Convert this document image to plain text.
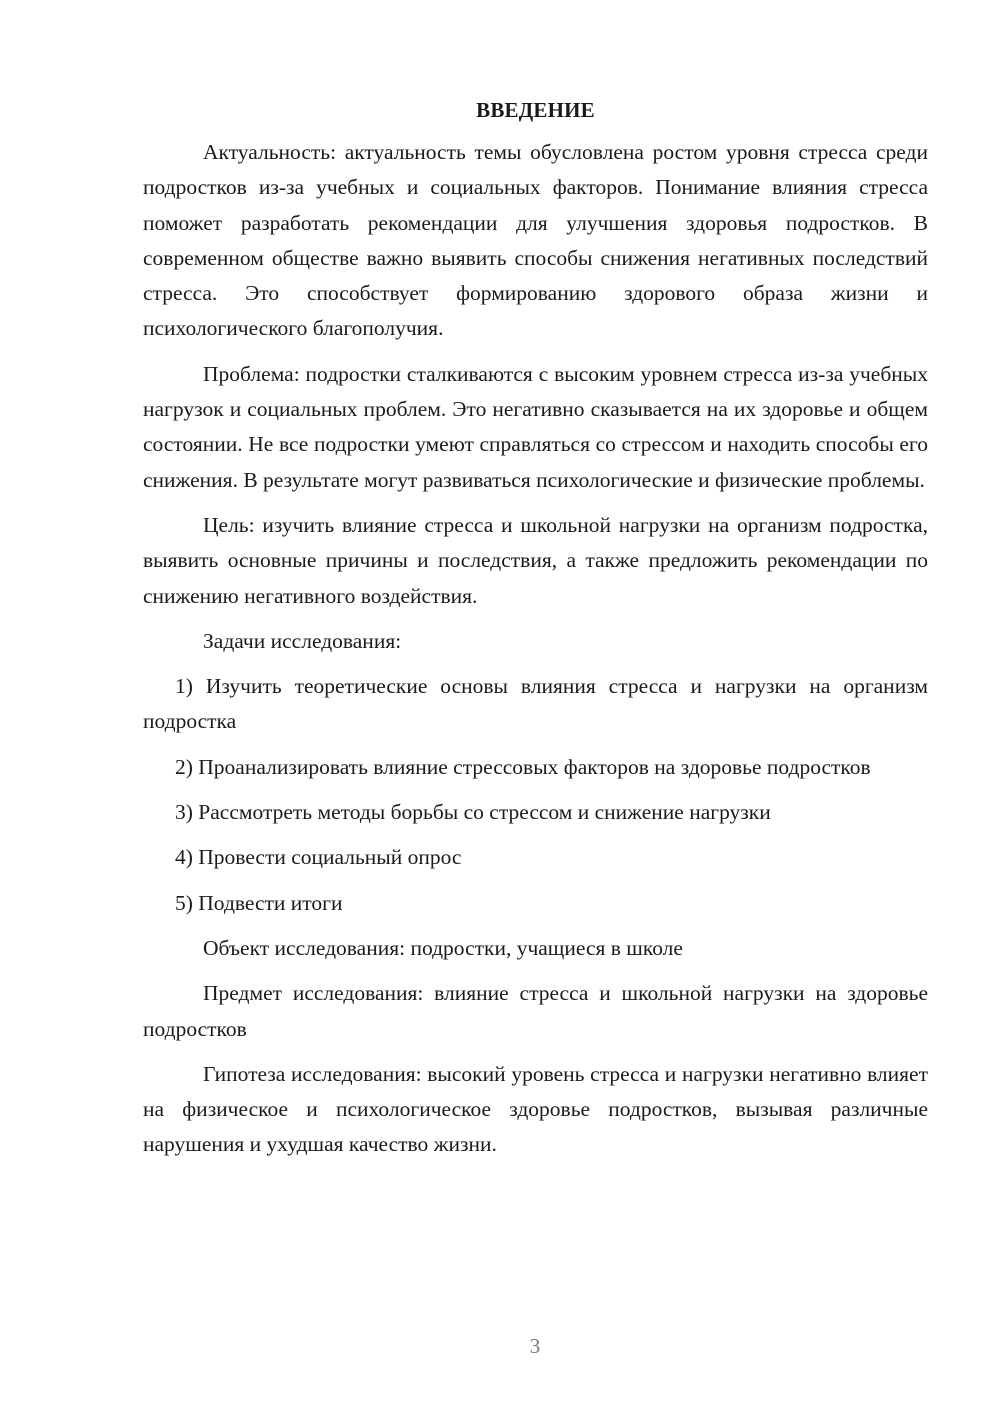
ВВЕДЕНИЕ

Актуальность: актуальность темы обусловлена ростом уровня стресса среди подростков из-за учебных и социальных факторов. Понимание влияния стресса поможет разработать рекомендации для улучшения здоровья подростков. В современном обществе важно выявить способы снижения негативных последствий стресса. Это способствует формированию здорового образа жизни и психологического благополучия.

Проблема: подростки сталкиваются с высоким уровнем стресса из-за учебных нагрузок и социальных проблем. Это негативно сказывается на их здоровье и общем состоянии. Не все подростки умеют справляться со стрессом и находить способы его снижения. В результате могут развиваться психологические и физические проблемы.

Цель: изучить влияние стресса и школьной нагрузки на организм подростка, выявить основные причины и последствия, а также предложить рекомендации по снижению негативного воздействия.

Задачи исследования:

1) Изучить теоретические основы влияния стресса и нагрузки на организм подростка

2) Проанализировать влияние стрессовых факторов на здоровье подростков

3) Рассмотреть методы борьбы со стрессом и снижение нагрузки

4) Провести социальный опрос

5) Подвести итоги

Объект исследования: подростки, учащиеся в школе

Предмет исследования: влияние стресса и школьной нагрузки на здоровье подростков

Гипотеза исследования: высокий уровень стресса и нагрузки негативно влияет на физическое и психологическое здоровье подростков, вызывая различные нарушения и ухудшая качество жизни.

3
